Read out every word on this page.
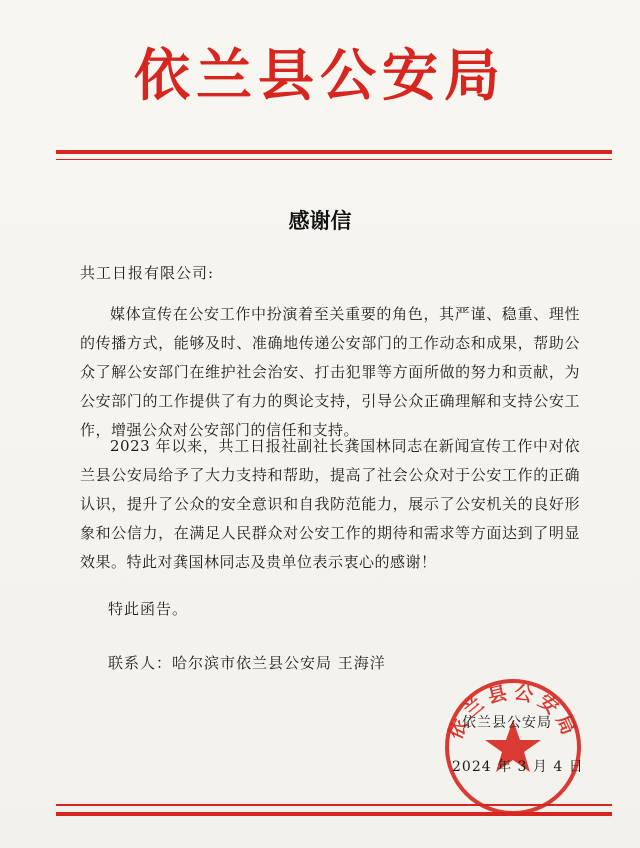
依兰县公安局
感谢信
共工日报有限公司:
媒体宣传在公安工作中扮演着至关重要的角色，其严谨、稳重、理性的传播方式，能够及时、准确地传递公安部门的工作动态和成果，帮助公众了解公安部门在维护社会治安、打击犯罪等方面所做的努力和贡献，为公安部门的工作提供了有力的舆论支持，引导公众正确理解和支持公安工作，增强公众对公安部门的信任和支持。
2023 年以来，共工日报社副社长龚国林同志在新闻宣传工作中对依兰县公安局给予了大力支持和帮助，提高了社会公众对于公安工作的正确认识，提升了公众的安全意识和自我防范能力，展示了公安机关的良好形象和公信力，在满足人民群众对公安工作的期待和需求等方面达到了明显效果。特此对龚国林同志及贵单位表示衷心的感谢！
特此函告。
联系人：哈尔滨市依兰县公安局 王海洋
依兰县公安局
依兰县公安局
2024 年 3 月 4 日
